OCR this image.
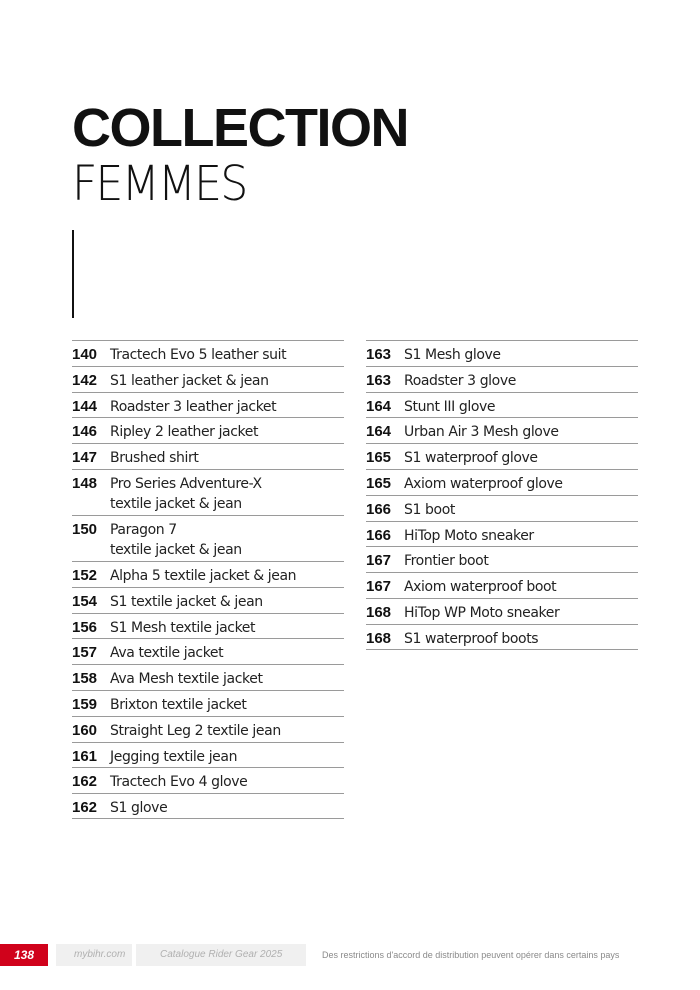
COLLECTION
FEMMES
140 Tractech Evo 5 leather suit
142 S1 leather jacket & jean
144 Roadster 3 leather jacket
146 Ripley 2 leather jacket
147 Brushed shirt
148 Pro Series Adventure-X
textile jacket & jean
150 Paragon 7
textile jacket & jean
152 Alpha 5 textile jacket & jean
154 S1 textile jacket & jean
156 S1 Mesh textile jacket
157 Ava textile jacket
158 Ava Mesh textile jacket
159 Brixton textile jacket
160 Straight Leg 2 textile jean
161 Jegging textile jean
162 Tractech Evo 4 glove
162 S1 glove
163 S1 Mesh glove
163 Roadster 3 glove
164 Stunt III glove
164 Urban Air 3 Mesh glove
165 S1 waterproof glove
165 Axiom waterproof glove
166 S1 boot
166 HiTop Moto sneaker
167 Frontier boot
167 Axiom waterproof boot
168 HiTop WP Moto sneaker
168 S1 waterproof boots
138	mybihr.com	Catalogue Rider Gear 2025	Des restrictions d'accord de distribution peuvent opérer dans certains pays
